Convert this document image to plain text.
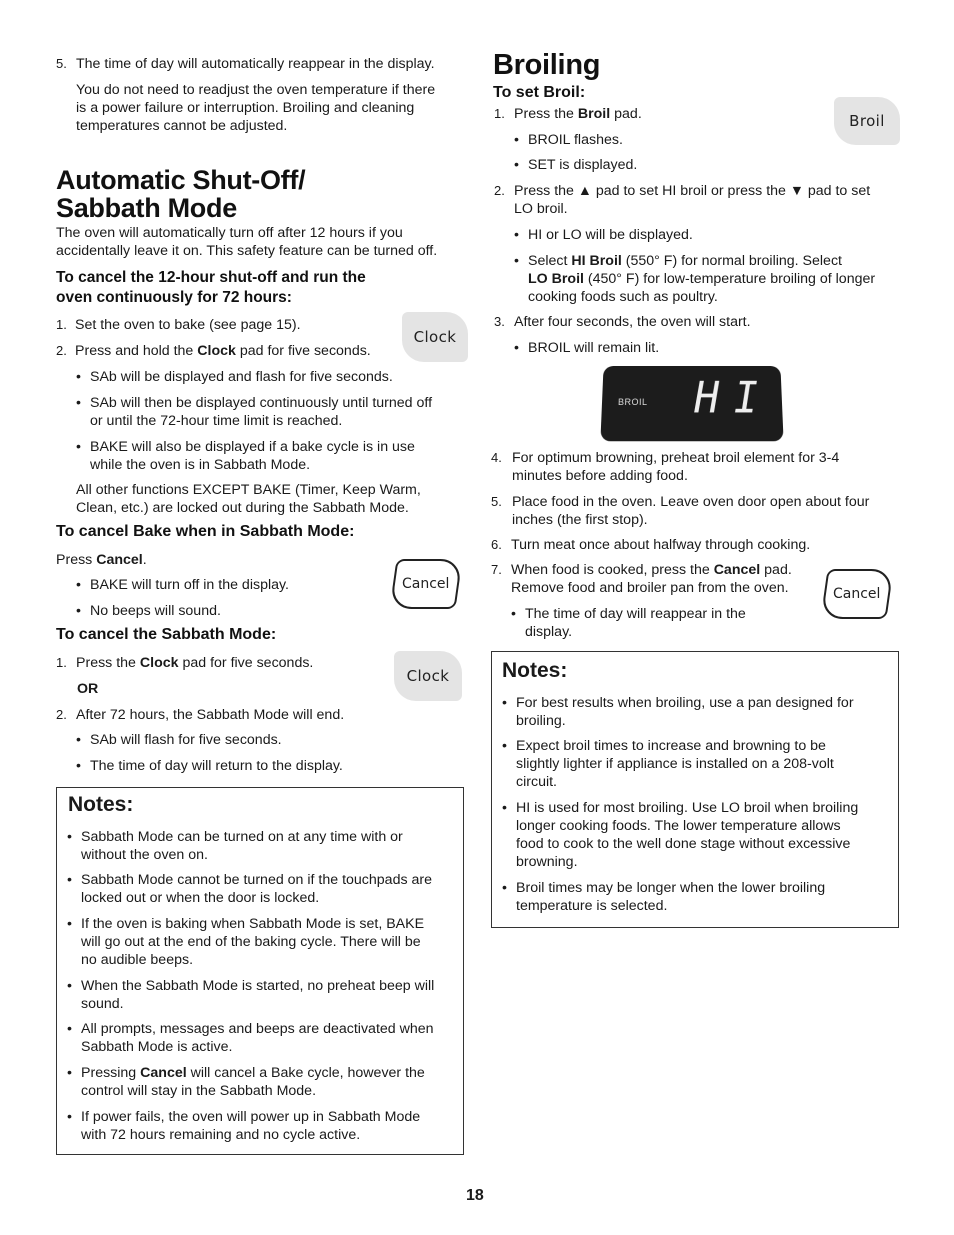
5. The time of day will automatically reappear in the display.
You do not need to readjust the oven temperature if there
is a power failure or interruption. Broiling and cleaning
temperatures cannot be adjusted.
Automatic Shut-Off/
Sabbath Mode
The oven will automatically turn off after 12 hours if you
accidentally leave it on. This safety feature can be turned off.
To cancel the 12-hour shut-off and run the
oven continuously for 72 hours:
1. Set the oven to bake (see page 15).
2. Press and hold the Clock pad for five seconds.
• SAb will be displayed and flash for five seconds.
• SAb will then be displayed continuously until turned off
or until the 72-hour time limit is reached.
• BAKE will also be displayed if a bake cycle is in use
while the oven is in Sabbath Mode.
All other functions EXCEPT BAKE (Timer, Keep Warm,
Clean, etc.) are locked out during the Sabbath Mode.
To cancel Bake when in Sabbath Mode:
Press Cancel.
• BAKE will turn off in the display.
• No beeps will sound.
To cancel the Sabbath Mode:
1. Press the Clock pad for five seconds.
OR
2. After 72 hours, the Sabbath Mode will end.
• SAb will flash for five seconds.
• The time of day will return to the display.
Notes:
• Sabbath Mode can be turned on at any time with or
without the oven on.
• Sabbath Mode cannot be turned on if the touchpads are
locked out or when the door is locked.
• If the oven is baking when Sabbath Mode is set, BAKE
will go out at the end of the baking cycle. There will be
no audible beeps.
• When the Sabbath Mode is started, no preheat beep will
sound.
• All prompts, messages and beeps are deactivated when
Sabbath Mode is active.
• Pressing Cancel will cancel a Bake cycle, however the
control will stay in the Sabbath Mode.
• If power fails, the oven will power up in Sabbath Mode
with 72 hours remaining and no cycle active.
Clock
Cancel
Clock
Broiling
To set Broil:
1. Press the Broil pad.
• BROIL flashes.
• SET is displayed.
2. Press the ▲ pad to set HI broil or press the ▼ pad to set
LO broil.
• HI or LO will be displayed.
• Select HI Broil (550° F) for normal broiling. Select
LO Broil (450° F) for low-temperature broiling of longer
cooking foods such as poultry.
3. After four seconds, the oven will start.
• BROIL will remain lit.
BROIL HI
4. For optimum browning, preheat broil element for 3-4
minutes before adding food.
5. Place food in the oven. Leave oven door open about four
inches (the first stop).
6. Turn meat once about halfway through cooking.
7. When food is cooked, press the Cancel pad.
Remove food and broiler pan from the oven.
• The time of day will reappear in the
display.
Notes:
• For best results when broiling, use a pan designed for
broiling.
• Expect broil times to increase and browning to be
slightly lighter if appliance is installed on a 208-volt
circuit.
• HI is used for most broiling. Use LO broil when broiling
longer cooking foods. The lower temperature allows
food to cook to the well done stage without excessive
browning.
• Broil times may be longer when the lower broiling
temperature is selected.
Broil
Cancel
18
